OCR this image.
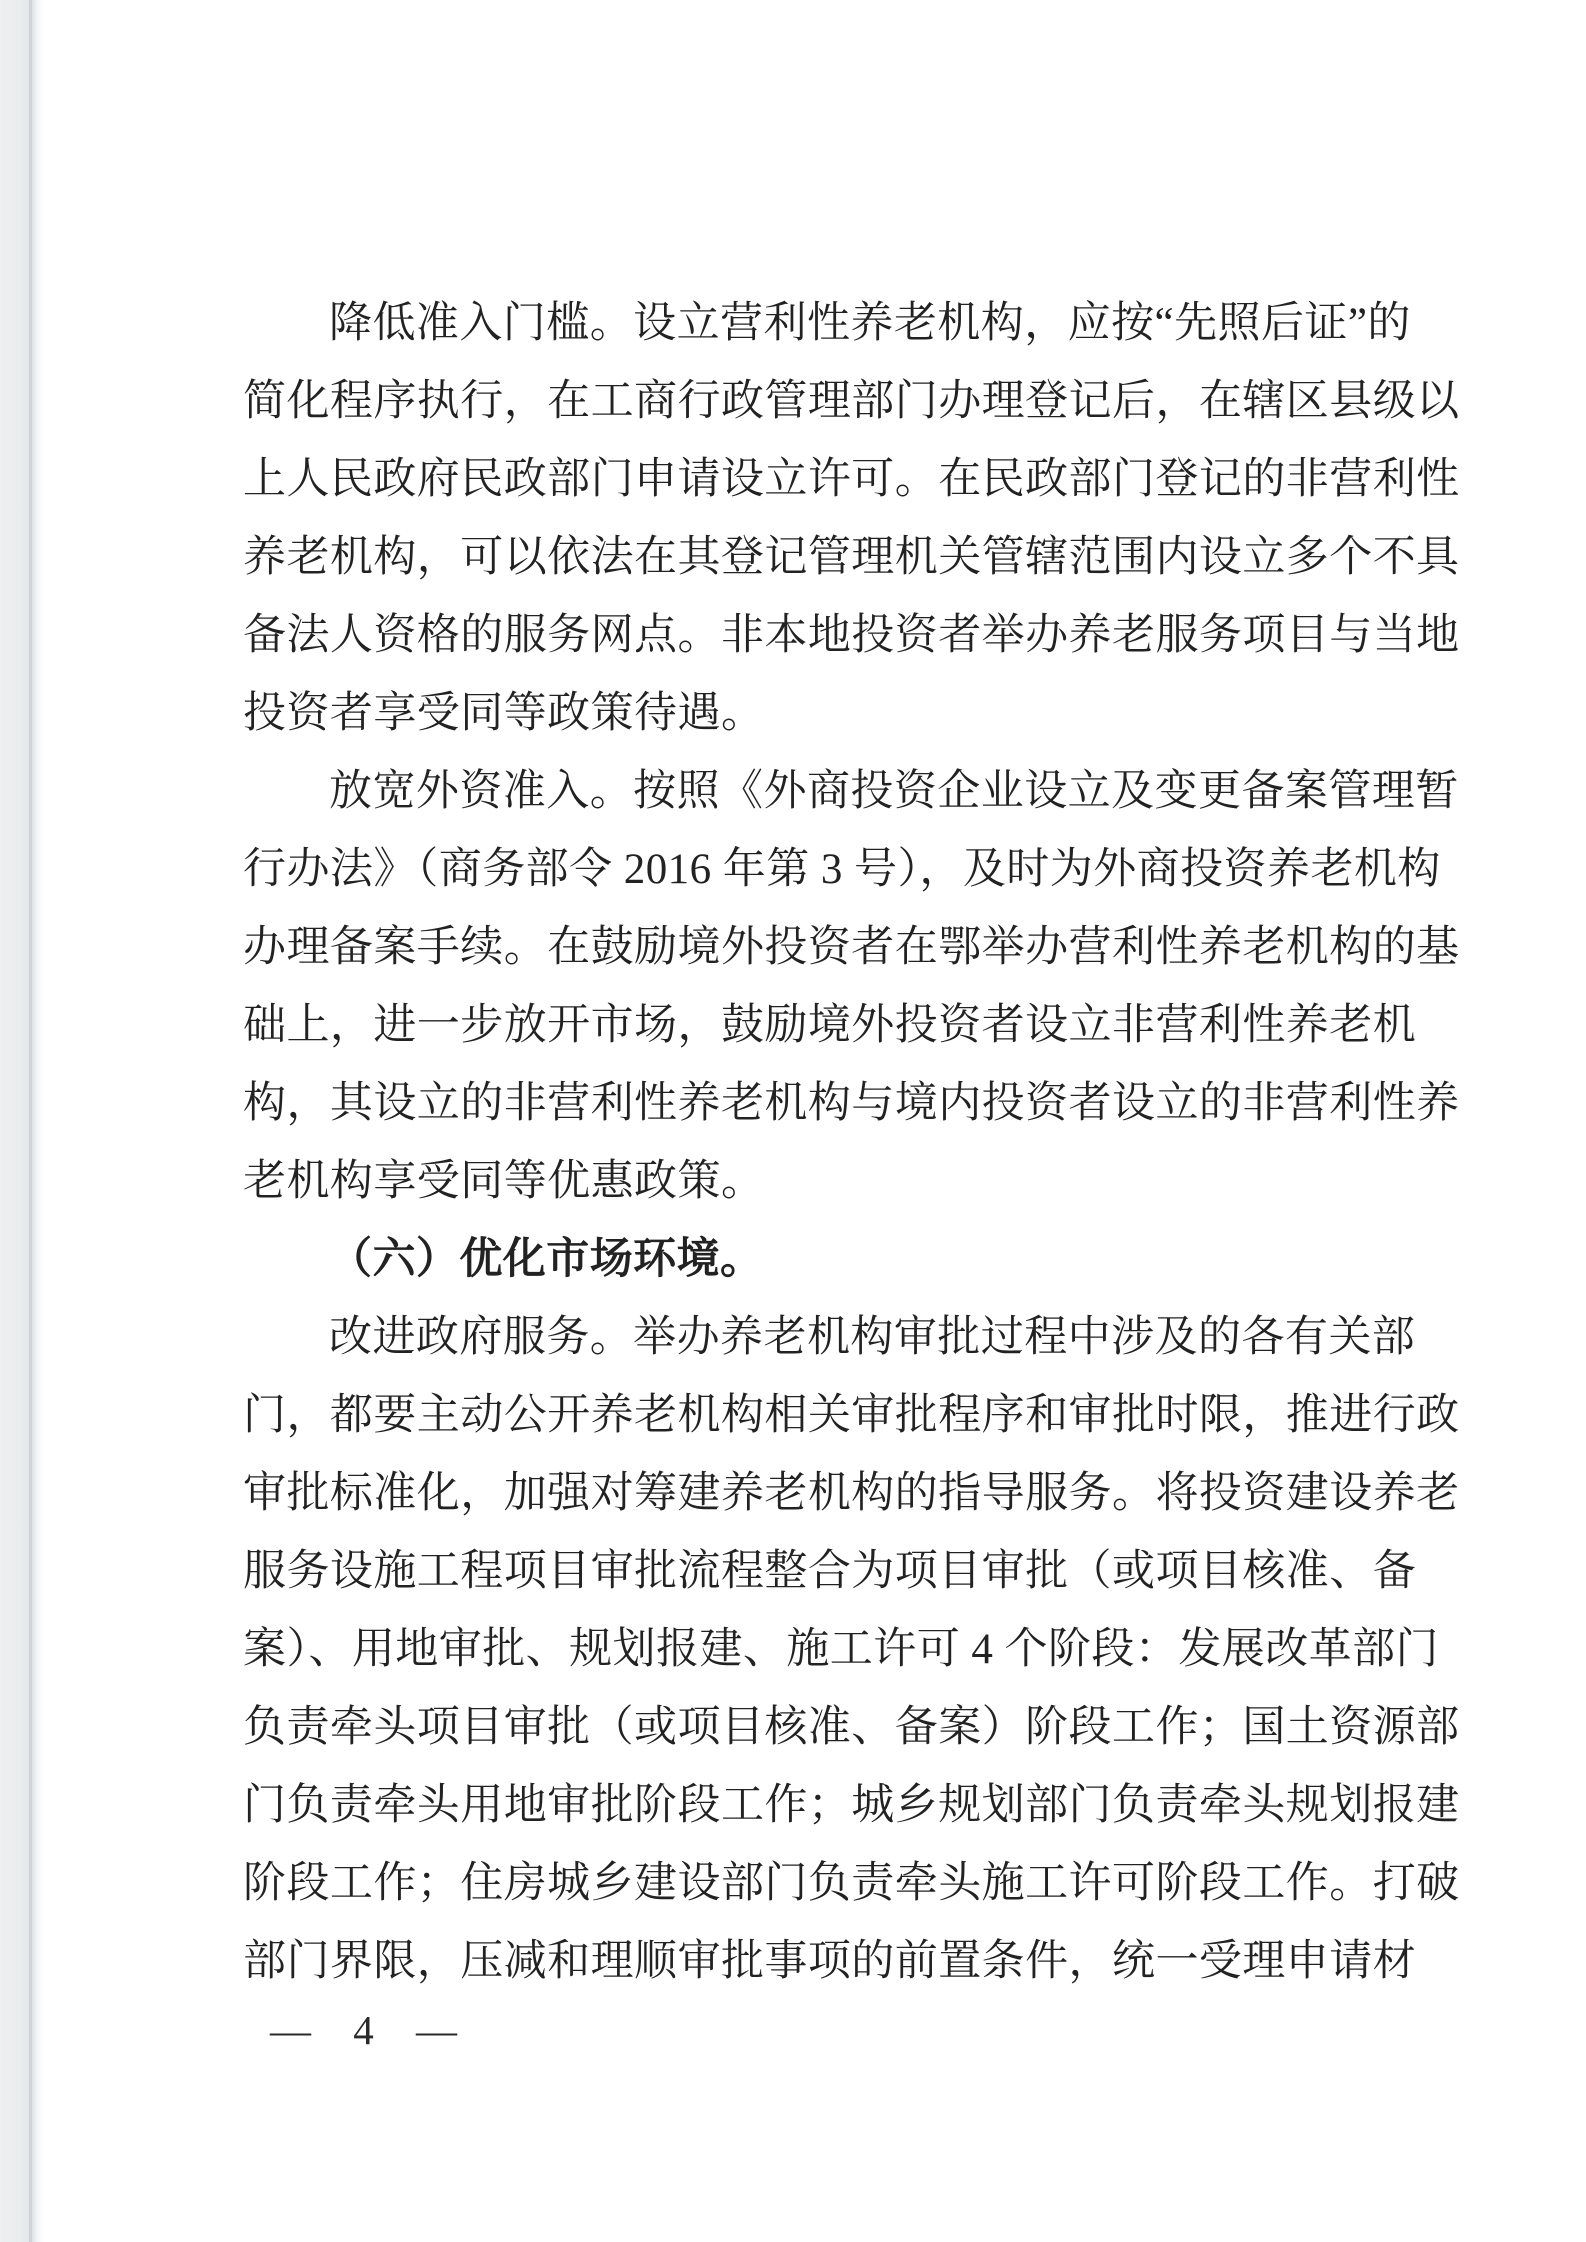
降低准入门槛。设立营利性养老机构，应按“先照后证”的
简化程序执行，在工商行政管理部门办理登记后，在辖区县级以
上人民政府民政部门申请设立许可。在民政部门登记的非营利性
养老机构，可以依法在其登记管理机关管辖范围内设立多个不具
备法人资格的服务网点。非本地投资者举办养老服务项目与当地
投资者享受同等政策待遇。
放宽外资准入。按照《外商投资企业设立及变更备案管理暂
行办法》（商务部令 2016 年第 3 号），及时为外商投资养老机构
办理备案手续。在鼓励境外投资者在鄂举办营利性养老机构的基
础上，进一步放开市场，鼓励境外投资者设立非营利性养老机
构，其设立的非营利性养老机构与境内投资者设立的非营利性养
老机构享受同等优惠政策。
（六）优化市场环境。
改进政府服务。举办养老机构审批过程中涉及的各有关部
门，都要主动公开养老机构相关审批程序和审批时限，推进行政
审批标准化，加强对筹建养老机构的指导服务。将投资建设养老
服务设施工程项目审批流程整合为项目审批（或项目核准、备
案）、用地审批、规划报建、施工许可 4 个阶段：发展改革部门
负责牵头项目审批（或项目核准、备案）阶段工作；国土资源部
门负责牵头用地审批阶段工作；城乡规划部门负责牵头规划报建
阶段工作；住房城乡建设部门负责牵头施工许可阶段工作。打破
部门界限，压减和理顺审批事项的前置条件，统一受理申请材
— 4 —
